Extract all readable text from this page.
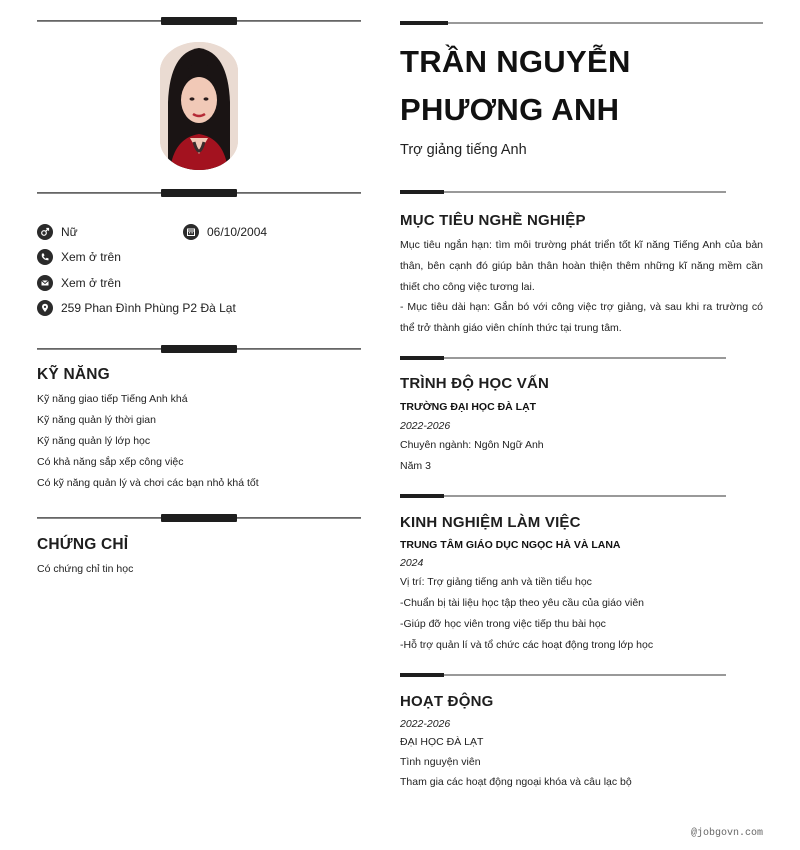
Nữ	06/10/2004
Xem ở trên
Xem ở trên
259 Phan Đình Phùng P2 Đà Lạt
KỸ NĂNG
Kỹ năng giao tiếp Tiếng Anh khá
Kỹ năng quản lý thời gian
Kỹ năng quản lý lớp học
Có khả năng sắp xếp công việc
Có kỹ năng quản lý và chơi các bạn nhỏ khá tốt
CHỨNG CHỈ
Có chứng chỉ tin học
TRẦN NGUYỄN
PHƯƠNG ANH
Trợ giảng tiếng Anh
MỤC TIÊU NGHỀ NGHIỆP
Mục tiêu ngắn hạn: tìm môi trường phát triển tốt kĩ năng Tiếng Anh của bản thân, bên cạnh đó giúp bản thân hoàn thiện thêm những kĩ năng mềm cần thiết cho công việc tương lai.
- Mục tiêu dài hạn: Gắn bó với công việc trợ giảng, và sau khi ra trường có thể trở thành giáo viên chính thức tại trung tâm.
TRÌNH ĐỘ HỌC VẤN
TRƯỜNG ĐẠI HỌC ĐÀ LẠT
2022-2026
Chuyên ngành: Ngôn Ngữ Anh
Năm 3
KINH NGHIỆM LÀM VIỆC
TRUNG TÂM GIÁO DỤC NGỌC HÀ VÀ LANA
2024
Vị trí: Trợ giảng tiếng anh và tiền tiểu học
-Chuẩn bị tài liệu học tập theo yêu cầu của giáo viên
-Giúp đỡ học viên trong việc tiếp thu bài học
-Hỗ trợ quản lí và tổ chức các hoạt động trong lớp học
HOẠT ĐỘNG
2022-2026
ĐẠI HỌC ĐÀ LẠT
Tình nguyện viên
Tham gia các hoạt động ngoại khóa và câu lạc bộ
@jobgovn.com
